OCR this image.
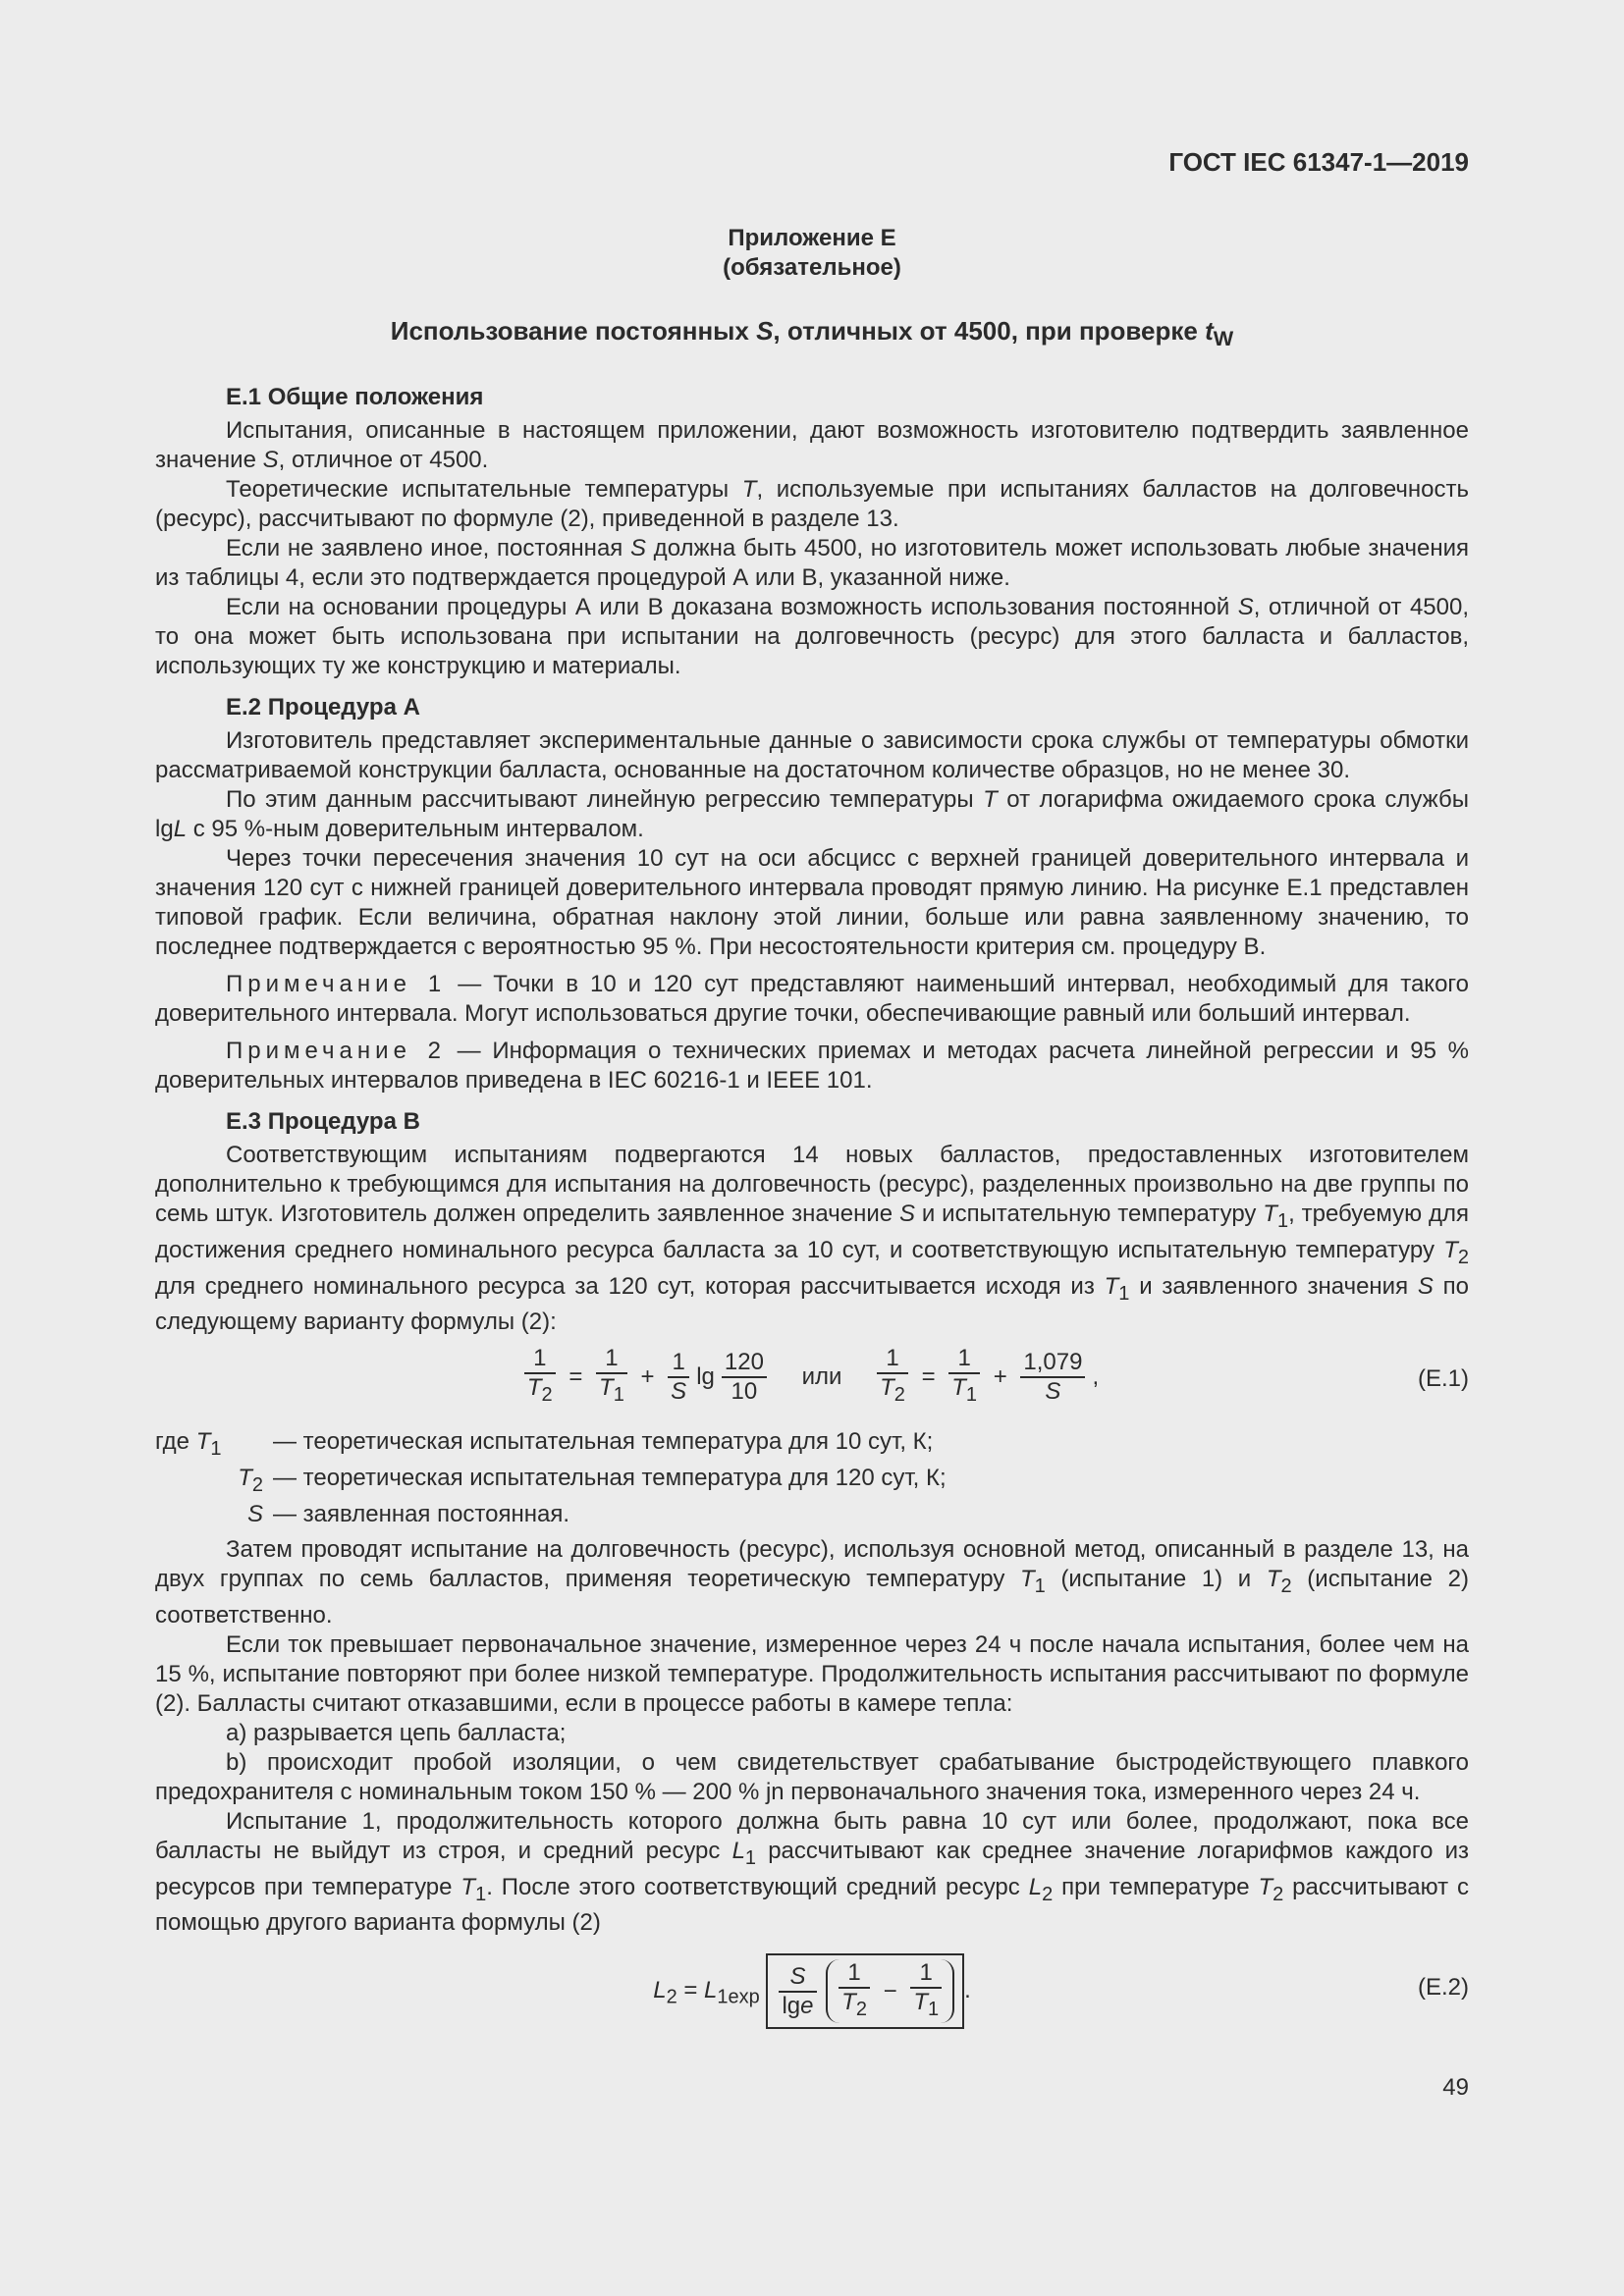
ГОСТ IEC 61347-1—2019
Приложение Е
(обязательное)
Использование постоянных S, отличных от 4500, при проверке $t_W$
Е.1 Общие положения

Испытания, описанные в настоящем приложении, дают возможность изготовителю подтвердить заявленное значение S, отличное от 4500.

Теоретические испытательные температуры T, используемые при испытаниях балластов на долговечность (ресурс), рассчитывают по формуле (2), приведенной в разделе 13.

Если не заявлено иное, постоянная S должна быть 4500, но изготовитель может использовать любые значения из таблицы 4, если это подтверждается процедурой А или В, указанной ниже.

Если на основании процедуры А или В доказана возможность использования постоянной S, отличной от 4500, то она может быть использована при испытании на долговечность (ресурс) для этого балласта и балластов, использующих ту же конструкцию и материалы.

Е.2 Процедура А

Изготовитель представляет экспериментальные данные о зависимости срока службы от температуры обмотки рассматриваемой конструкции балласта, основанные на достаточном количестве образцов, но не менее 30.

По этим данным рассчитывают линейную регрессию температуры T от логарифма ожидаемого срока службы lgL с 95 %-ным доверительным интервалом.

Через точки пересечения значения 10 сут на оси абсцисс с верхней границей доверительного интервала и значения 120 сут с нижней границей доверительного интервала проводят прямую линию. На рисунке Е.1 представлен типовой график. Если величина, обратная наклону этой линии, больше или равна заявленному значению, то последнее подтверждается с вероятностью 95 %. При несостоятельности критерия см. процедуру В.

Примечание 1 — Точки в 10 и 120 сут представляют наименьший интервал, необходимый для такого доверительного интервала. Могут использоваться другие точки, обеспечивающие равный или больший интервал.

Примечание 2 — Информация о технических приемах и методах расчета линейной регрессии и 95 % доверительных интервалов приведена в IEC 60216-1 и IEEE 101.

Е.3 Процедура В

Соответствующим испытаниям подвергаются 14 новых балластов, предоставленных изготовителем дополнительно к требующимся для испытания на долговечность (ресурс), разделенных произвольно на две группы по семь штук. Изготовитель должен определить заявленное значение S и испытательную температуру $T_1$, требуемую для достижения среднего номинального ресурса балласта за 10 сут, и соответствующую испытательную температуру $T_2$ для среднего номинального ресурса за 120 сут, которая рассчитывается исходя из $T_1$ и заявленного значения S по следующему варианту формулы (2):

$\frac{1}{T_2} = \frac{1}{T_1} + \frac{1}{S}$ $\lg \frac{120}{10}$ или $\frac{1}{T_2} = \frac{1}{T_1} + \frac{1,079}{S}$ ,	(E.1)
где $T_1$	— теоретическая испытательная температура для 10 сут, К;
$T_2$ — теоретическая испытательная температура для 120 сут, К;
S — заявленная постоянная.

Затем проводят испытание на долговечность (ресурс), используя основной метод, описанный в разделе 13, на двух группах по семь балластов, применяя теоретическую температуру $T_1$ (испытание 1) и $T_2$ (испытание 2) соответственно.

Если ток превышает первоначальное значение, измеренное через 24 ч после начала испытания, более чем на 15 %, испытание повторяют при более низкой температуре. Продолжительность испытания рассчитывают по формуле (2). Балласты считают отказавшими, если в процессе работы в камере тепла:

a) разрывается цепь балласта;

b) происходит пробой изоляции, о чем свидетельствует срабатывание быстродействующего плавкого предохранителя с номинальным током 150 % — 200 % jn первоначального значения тока, измеренного через 24 ч.

Испытание 1, продолжительность которого должна быть равна 10 сут или более, продолжают, пока все балласты не выйдут из строя, и средний ресурс $L_1$ рассчитывают как среднее значение логарифмов каждого из ресурсов при температуре $T_1$. После этого соответствующий средний ресурс $L_2$ при температуре $T_2$ рассчитывают с помощью другого варианта формулы (2)

$L_2 = L_{1exp} \frac{S}{\lg e}$
$\frac{1}{T_2} - \frac{1}{T_1}$ .	(E.2)
49
